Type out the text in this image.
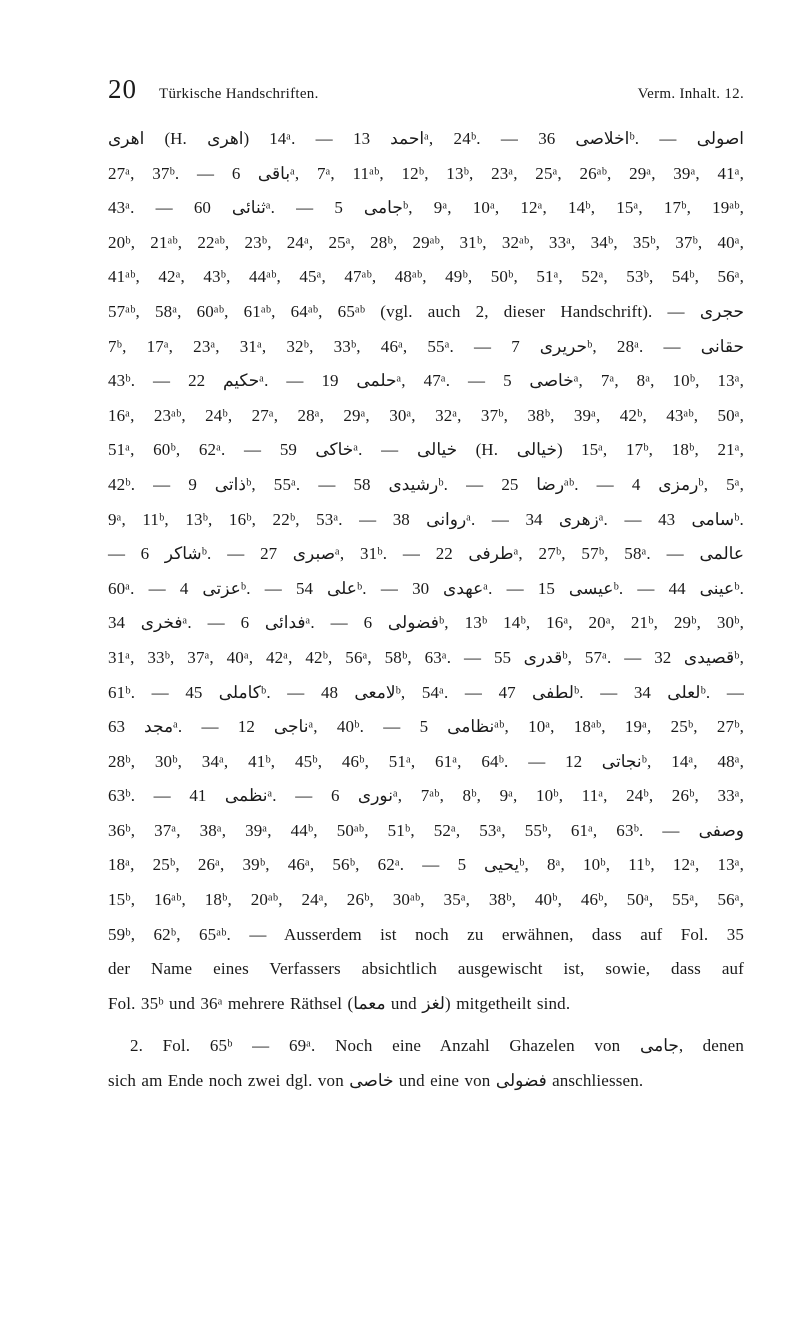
20 Türkische Handschriften.	Verm. Inhalt. 12.
اهری (H. اهری) 14ᵃ. — احمد 13ᵃ, 24ᵇ. — اخلاصی 36ᵇ. — اصولی
27ᵃ, 37ᵇ. — باقی 6ᵃ, 7ᵃ, 11ᵃᵇ, 12ᵇ, 13ᵇ, 23ᵃ, 25ᵃ, 26ᵃᵇ, 29ᵃ, 39ᵃ, 41ᵃ,
43ᵃ. — ثنائی 60ᵃ. — جامی 5ᵇ, 9ᵃ, 10ᵃ, 12ᵃ, 14ᵇ, 15ᵃ, 17ᵇ, 19ᵃᵇ,
20ᵇ, 21ᵃᵇ, 22ᵃᵇ, 23ᵇ, 24ᵃ, 25ᵃ, 28ᵇ, 29ᵃᵇ, 31ᵇ, 32ᵃᵇ, 33ᵃ, 34ᵇ, 35ᵇ, 37ᵇ, 40ᵃ,
41ᵃᵇ, 42ᵃ, 43ᵇ, 44ᵃᵇ, 45ᵃ, 47ᵃᵇ, 48ᵃᵇ, 49ᵇ, 50ᵇ, 51ᵃ, 52ᵃ, 53ᵇ, 54ᵇ, 56ᵃ,
57ᵃᵇ, 58ᵃ, 60ᵃᵇ, 61ᵃᵇ, 64ᵃᵇ, 65ᵃᵇ (vgl. auch 2, dieser Handschrift). — حجری
7ᵇ, 17ᵃ, 23ᵃ, 31ᵃ, 32ᵇ, 33ᵇ, 46ᵃ, 55ᵃ. — حریری 7ᵇ, 28ᵃ. — حقانی
43ᵇ. — حکیم 22ᵃ. — حلمی 19ᵃ, 47ᵃ. — خاصی 5ᵃ, 7ᵃ, 8ᵃ, 10ᵇ, 13ᵃ,
16ᵃ, 23ᵃᵇ, 24ᵇ, 27ᵃ, 28ᵃ, 29ᵃ, 30ᵃ, 32ᵃ, 37ᵇ, 38ᵇ, 39ᵃ, 42ᵇ, 43ᵃᵇ, 50ᵃ,
51ᵃ, 60ᵇ, 62ᵃ. — خاکی 59ᵃ. — خیالی (H. خیالی) 15ᵃ, 17ᵇ, 18ᵇ, 21ᵃ,
42ᵇ. — ذاتی 9ᵇ, 55ᵃ. — رشیدی 58ᵇ. — رضا 25ᵃᵇ. — رمزی 4ᵇ, 5ᵃ,
9ᵃ, 11ᵇ, 13ᵇ, 16ᵇ, 22ᵇ, 53ᵃ. — روانی 38ᵃ. — زهری 34ᵃ. — سامی 43ᵇ.
— شاکر 6ᵇ. — صبری 27ᵃ, 31ᵇ. — طرفی 22ᵃ, 27ᵇ, 57ᵇ, 58ᵃ. — عالمی
60ᵃ. — عزتی 4ᵇ. — علی 54ᵇ. — عهدی 30ᵃ. — عیسی 15ᵇ. — عینی 44ᵇ.
فخری 34ᵃ. — فدائی 6ᵃ. — فضولی 6ᵇ, 13ᵇ 14ᵇ, 16ᵃ, 20ᵃ, 21ᵇ, 29ᵇ, 30ᵇ,
31ᵃ, 33ᵇ, 37ᵃ, 40ᵃ, 42ᵃ, 42ᵇ, 56ᵃ, 58ᵇ, 63ᵃ. — قدری 55ᵇ, 57ᵃ. — قصیدی 32ᵇ,
61ᵇ. — کاملی 45ᵇ. — لامعی 48ᵇ, 54ᵃ. — لطفی 47ᵇ. — لعلی 34ᵇ. —
مجد 63ᵃ. — ناجی 12ᵃ, 40ᵇ. — نظامی 5ᵃᵇ, 10ᵃ, 18ᵃᵇ, 19ᵃ, 25ᵇ, 27ᵇ,
28ᵇ, 30ᵇ, 34ᵃ, 41ᵇ, 45ᵇ, 46ᵇ, 51ᵃ, 61ᵃ, 64ᵇ. — نجاتی 12ᵇ, 14ᵃ, 48ᵃ,
63ᵇ. — نظمی 41ᵃ. — نوری 6ᵃ, 7ᵃᵇ, 8ᵇ, 9ᵃ, 10ᵇ, 11ᵃ, 24ᵇ, 26ᵇ, 33ᵃ,
36ᵇ, 37ᵃ, 38ᵃ, 39ᵃ, 44ᵇ, 50ᵃᵇ, 51ᵇ, 52ᵃ, 53ᵃ, 55ᵇ, 61ᵃ, 63ᵇ. — وصفی
18ᵃ, 25ᵇ, 26ᵃ, 39ᵇ, 46ᵃ, 56ᵇ, 62ᵃ. — یحیی 5ᵇ, 8ᵃ, 10ᵇ, 11ᵇ, 12ᵃ, 13ᵃ,
15ᵇ, 16ᵃᵇ, 18ᵇ, 20ᵃᵇ, 24ᵃ, 26ᵇ, 30ᵃᵇ, 35ᵃ, 38ᵇ, 40ᵇ, 46ᵇ, 50ᵃ, 55ᵃ, 56ᵃ,
59ᵇ, 62ᵇ, 65ᵃᵇ. — Ausserdem ist noch zu erwähnen, dass auf Fol. 35
der Name eines Verfassers absichtlich ausgewischt ist, sowie, dass auf
Fol. 35ᵇ und 36ᵃ mehrere Räthsel (معما und لغز) mitgetheilt sind.
2. Fol. 65ᵇ — 69ᵃ. Noch eine Anzahl Ghazelen von جامی, denen
sich am Ende noch zwei dgl. von خاصی und eine von فضولی anschliessen.
